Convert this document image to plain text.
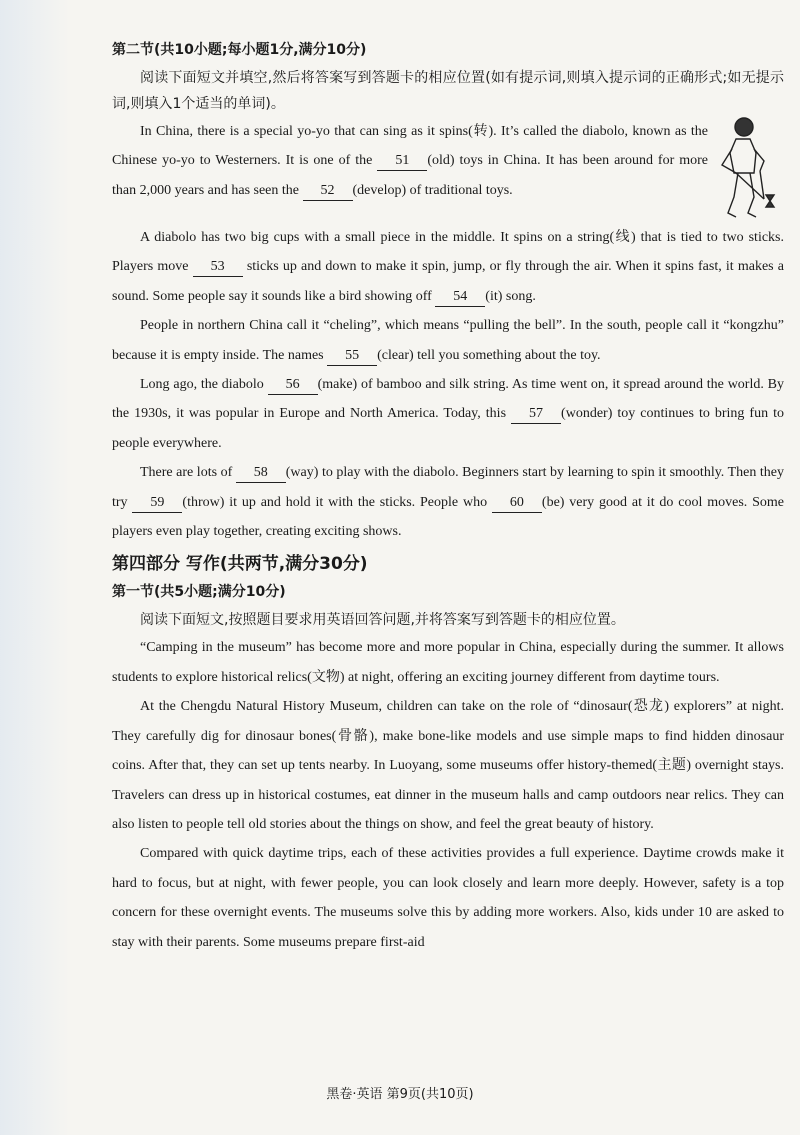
第二节(共10小题;每小题1分,满分10分)

阅读下面短文并填空,然后将答案写到答题卡的相应位置(如有提示词,则填入提示词的正确形式;如无提示词,则填入1个适当的单词)。

In China, there is a special yo-yo that can sing as it spins(转). It’s called the diabolo, known as the Chinese yo-yo to Westerners. It is one of the 51 (old) toys in China. It has been around for more than 2,000 years and has seen the 52 (develop) of traditional toys.

A diabolo has two big cups with a small piece in the middle. It spins on a string(线) that is tied to two sticks. Players move 53 sticks up and down to make it spin, jump, or fly through the air. When it spins fast, it makes a sound. Some people say it sounds like a bird showing off 54 (it) song.

People in northern China call it “cheling”, which means “pulling the bell”. In the south, people call it “kongzhu” because it is empty inside. The names 55 (clear) tell you something about the toy.

Long ago, the diabolo 56 (make) of bamboo and silk string. As time went on, it spread around the world. By the 1930s, it was popular in Europe and North America. Today, this 57 (wonder) toy continues to bring fun to people everywhere.

There are lots of 58 (way) to play with the diabolo. Beginners start by learning to spin it smoothly. Then they try 59 (throw) it up and hold it with the sticks. People who 60 (be) very good at it do cool moves. Some players even play together, creating exciting shows.

第四部分 写作(共两节,满分30分)
第一节(共5小题;满分10分)

阅读下面短文,按照题目要求用英语回答问题,并将答案写到答题卡的相应位置。

“Camping in the museum” has become more and more popular in China, especially during the summer. It allows students to explore historical relics(文物) at night, offering an exciting journey different from daytime tours.

At the Chengdu Natural History Museum, children can take on the role of “dinosaur(恐龙) explorers” at night. They carefully dig for dinosaur bones(骨骼), make bone-like models and use simple maps to find hidden dinosaur coins. After that, they can set up tents nearby. In Luoyang, some museums offer history-themed(主题) overnight stays. Travelers can dress up in historical costumes, eat dinner in the museum halls and camp outdoors near relics. They can also listen to people tell old stories about the things on show, and feel the great beauty of history.

Compared with quick daytime trips, each of these activities provides a full experience. Daytime crowds make it hard to focus, but at night, with fewer people, you can look closely and learn more deeply. However, safety is a top concern for these overnight events. The museums solve this by adding more workers. Also, kids under 10 are asked to stay with their parents. Some museums prepare first-aid

黑卷·英语 第9页(共10页)
